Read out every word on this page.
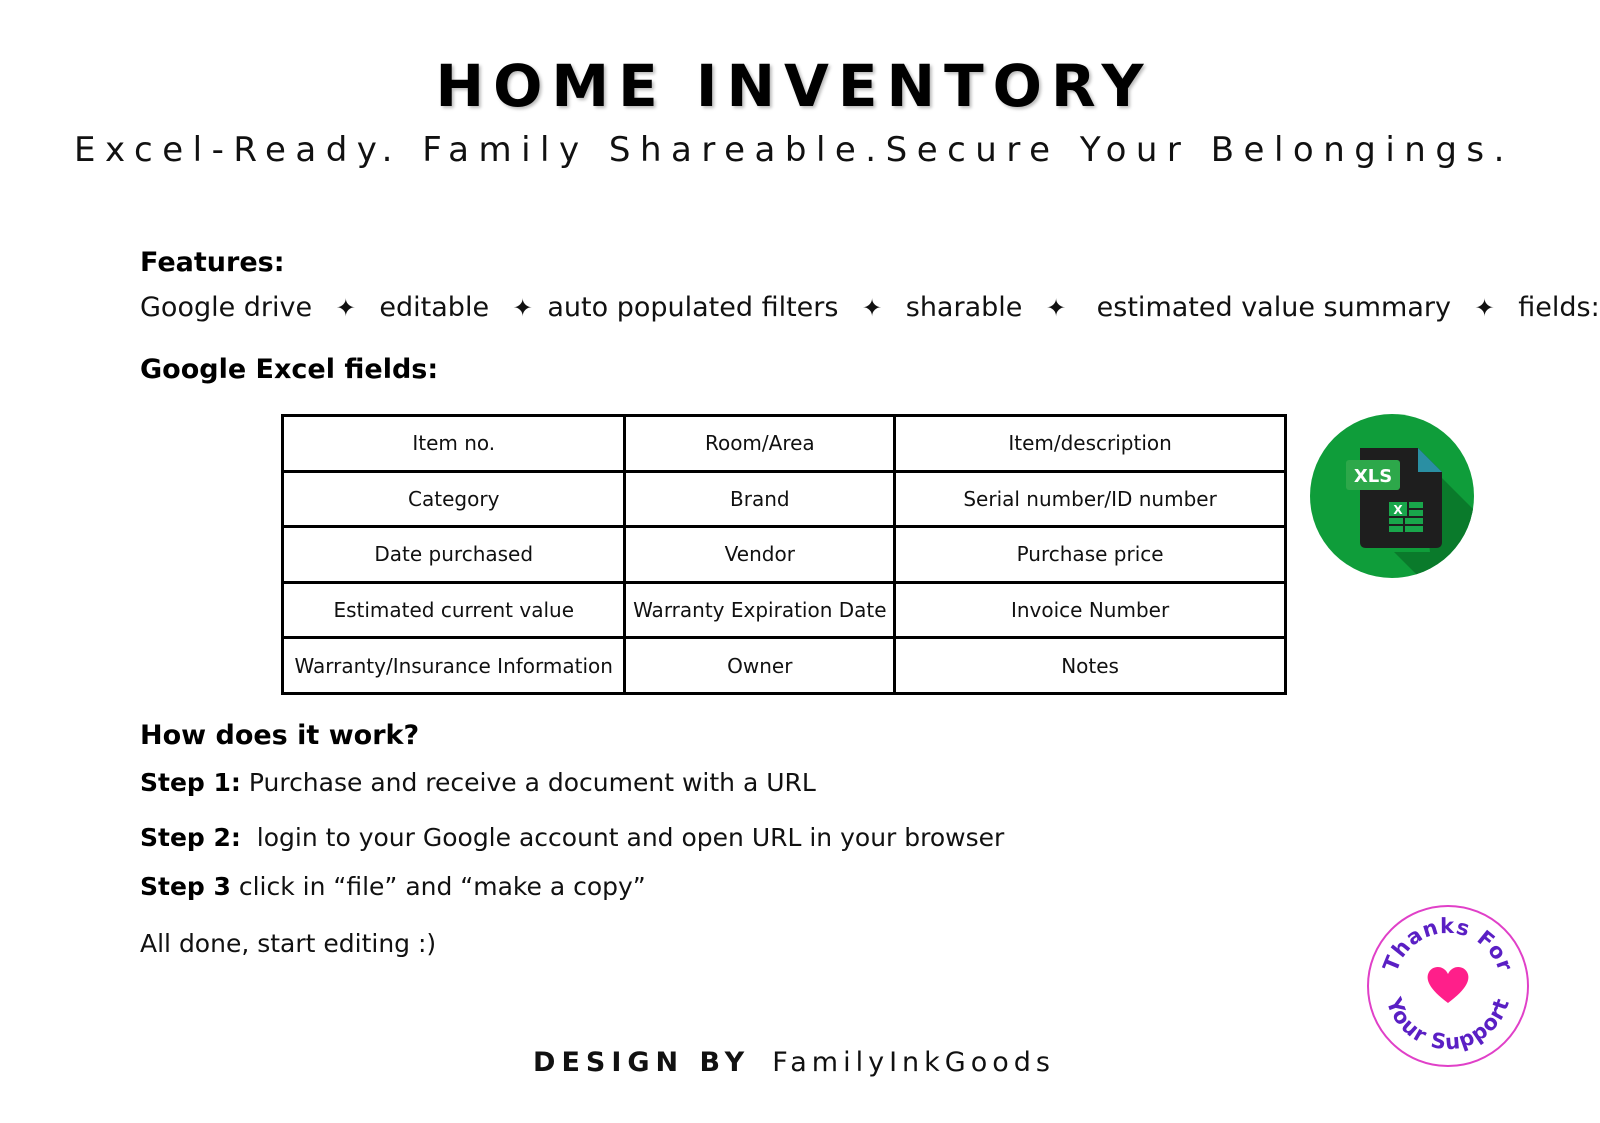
HOME INVENTORY
Excel-Ready. Family Shareable.Secure Your Belongings.
Features:
Google drive ✦ editable ✦ auto populated filters ✦ sharable ✦ estimated value summary ✦ fields:
Google Excel fields:
Item no.	Room/Area	Item/description
Category	Brand	Serial number/ID number
Date purchased	Vendor	Purchase price
Estimated current value	Warranty Expiration Date	Invoice Number
Warranty/Insurance Information	Owner	Notes
XLS
X
How does it work?
Step 1: Purchase and receive a document with a URL
Step 2:  login to your Google account and open URL in your browser
Step 3 click in “file” and “make a copy”
All done, start editing :)
DESIGN BY FamilyInkGoods
Thanks For
Your Support
